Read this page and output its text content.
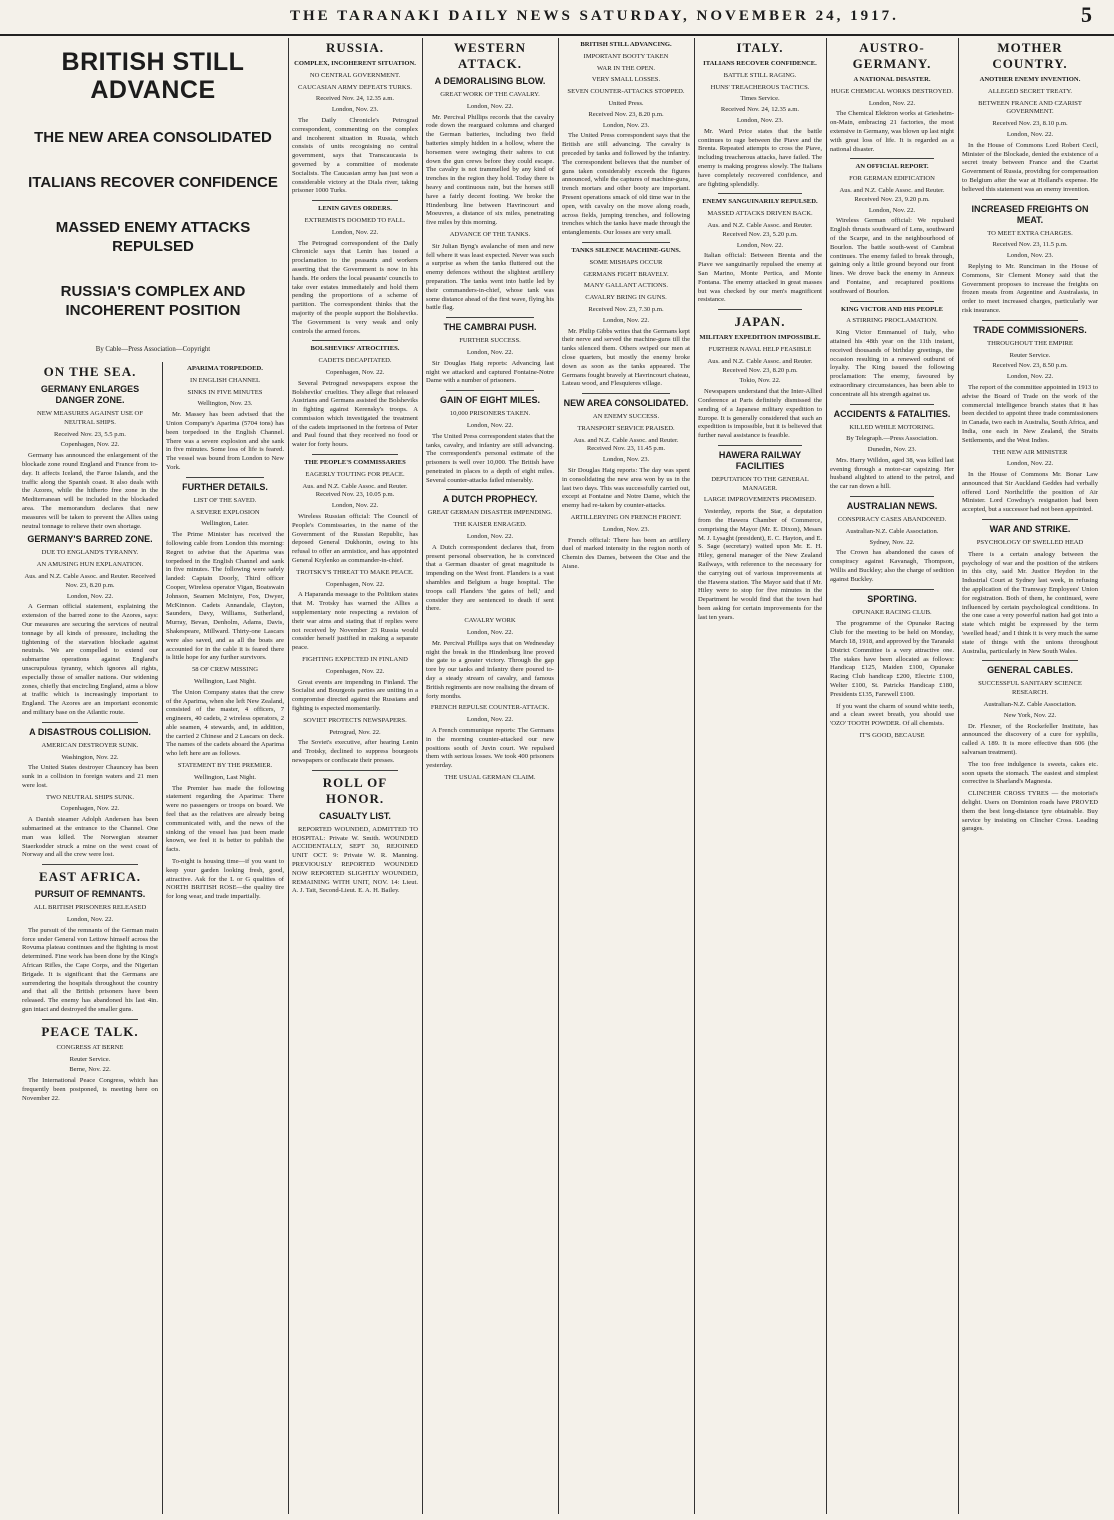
THE TARANAKI DAILY NEWS SATURDAY, NOVEMBER 24, 1917.	5
BRITISH STILL ADVANCE
THE NEW AREA CONSOLIDATED
ITALIANS RECOVER CONFIDENCE
MASSED ENEMY ATTACKS REPULSED
RUSSIA'S COMPLEX AND INCOHERENT POSITION
By Cable—Press Association—Copyright
ON THE SEA.
GERMANY ENLARGES DANGER ZONE.
NEW MEASURES AGAINST USE OF NEUTRAL SHIPS.
Received Nov. 23, 5.5 p.m.
Copenhagen, Nov. 22.
Germany has announced the enlargement of the blockade zone round England and France from to-day. It affects Iceland, the Faroe Islands, and the traffic along the Spanish coast. It also deals with the Azores, while the hitherto free zone in the Mediterranean will be included in the blockaded area. The memorandum declares that new measures will be taken to prevent the Allies using neutral tonnage to relieve their own shortage.
GERMANY'S BARRED ZONE.
DUE TO ENGLAND'S TYRANNY.
AN AMUSING HUN EXPLANATION.
Aus. and N.Z. Cable Assoc. and Reuter. Received Nov. 23, 8.20 p.m.
London, Nov. 22.
A German official statement, explaining the extension of the barred zone to the Azores, says: Our measures are securing the services of neutral tonnage by all kinds of pressure, including the tightening of the starvation blockade against neutrals. We are compelled to extend our submarine operations against England's unscrupulous tyranny, which ignores all rights, especially those of smaller nations. Our widening zones, chiefly that encircling England, aims a blow at traffic which is increasingly important to England. The Azores are an important economic and military base on the Atlantic route.
A DISASTROUS COLLISION.
AMERICAN DESTROYER SUNK.
Washington, Nov. 22.
The United States destroyer Chauncey has been sunk in a collision in foreign waters and 21 men were lost.
TWO NEUTRAL SHIPS SUNK.
Copenhagen, Nov. 22.
A Danish steamer Adolph Andersen has been submarined at the entrance to the Channel. One man was killed. The Norwegian steamer Staerkodder struck a mine on the west coast of Norway and all the crew were lost.
EAST AFRICA.
PURSUIT OF REMNANTS.
ALL BRITISH PRISONERS RELEASED
London, Nov. 22.
The pursuit of the remnants of the German main force under General von Lettow himself across the Rovuma plateau continues and the fighting is most determined. Fine work has been done by the King's African Rifles, the Cape Corps, and the Nigerian Brigade. It is significant that the Germans are surrendering the hospitals throughout the country and that all the British prisoners have been released. The enemy has abandoned his last 4in. gun intact and destroyed the smaller guns.
PEACE TALK.
CONGRESS AT BERNE
Reuter Service.
Berne, Nov. 22.
The International Peace Congress, which has frequently been postponed, is meeting here on November 22.
APARIMA TORPEDOED.
IN ENGLISH CHANNEL
SINKS IN FIVE MINUTES
Wellington, Nov. 23.
Mr. Massey has been advised that the Union Company's Aparima (5704 tons) has been torpedoed in the English Channel. There was a severe explosion and she sank in five minutes. Some loss of life is feared. The vessel was bound from London to New York.
FURTHER DETAILS.
LIST OF THE SAVED.
A SEVERE EXPLOSION
Wellington, Later.
The Prime Minister has received the following cable from London this morning: Regret to advise that the Aparima was torpedoed in the English Channel and sank in five minutes. The following were safely landed: Captain Doorly, Third officer Cooper, Wireless operator Vigan, Boatswain Johnson, Seamen McIntyre, Fox, Dwyer, McKinnon. Cadets Annandale, Clayton, Saunders, Davy, Williams, Sutherland, Murray, Bevan, Denholm, Adams, Davis, Shakespeare, Millward. Thirty-one Lascars were also saved, and as all the boats are accounted for in the cable it is feared there is little hope for any further survivors.
58 OF CREW MISSING
Wellington, Last Night.
The Union Company states that the crew of the Aparima, when she left New Zealand, consisted of the master, 4 officers, 7 engineers, 40 cadets, 2 wireless operators, 2 able seamen, 4 stewards, and, in addition, the carried 2 Chinese and 2 Lascars on deck. The names of the cadets aboard the Aparima who left here are as follows.
STATEMENT BY THE PREMIER.
Wellington, Last Night.
The Premier has made the following statement regarding the Aparima: There were no passengers or troops on board. We feel that as the relatives are already being communicated with, and the news of the sinking of the vessel has just been made known, we feel it is better to publish the facts.
To-night is housing time—if you want to keep your garden looking fresh, good, attractive. Ask for the L or G qualities of NORTH BRITISH ROSE—the quality tire for long wear, and trade impartially.
RUSSIA.
COMPLEX, INCOHERENT SITUATION.
NO CENTRAL GOVERNMENT.
CAUCASIAN ARMY DEFEATS TURKS.
Received Nov. 24, 12.35 a.m.
London, Nov. 23.
The Daily Chronicle's Petrograd correspondent, commenting on the complex and incoherent situation in Russia, which consists of units recognising no central government, says that Transcaucasia is governed by a committee of moderate Socialists. The Caucasian army has just won a considerable victory at the Diala river, taking prisoner 1000 Turks.
LENIN GIVES ORDERS.
EXTREMISTS DOOMED TO FALL.
London, Nov. 22.
The Petrograd correspondent of the Daily Chronicle says that Lenin has issued a proclamation to the peasants and workers asserting that the Government is now in his hands. He orders the local peasants' councils to take over estates immediately and hold them pending the proportions of a scheme of partition. The correspondent thinks that the majority of the people support the Bolsheviks. The Government is very weak and only controls the armed forces.
BOLSHEVIKS' ATROCITIES.
CADETS DECAPITATED.
Copenhagen, Nov. 22.
Several Petrograd newspapers expose the Bolsheviks' cruelties. They allege that released Austrians and Germans assisted the Bolsheviks in fighting against Kerensky's troops. A commission which investigated the treatment of the cadets imprisoned in the fortress of Peter and Paul found that they received no food or water for forty hours.
THE PEOPLE'S COMMISSARIES
EAGERLY TOUTING FOR PEACE.
Aus. and N.Z. Cable Assoc. and Reuter. Received Nov. 23, 10.05 p.m.
London, Nov. 22.
Wireless Russian official: The Council of People's Commissaries, in the name of the Government of the Russian Republic, has deposed General Dukhonin, owing to his refusal to offer an armistice, and has appointed General Krylenko as commander-in-chief.
TROTSKY'S THREAT TO MAKE PEACE.
Copenhagen, Nov. 22.
A Haparanda message to the Politiken states that M. Trotsky has warned the Allies a supplementary note respecting a revision of their war aims and stating that if replies were not received by November 23 Russia would consider herself justified in making a separate peace.
FIGHTING EXPECTED IN FINLAND
Copenhagen, Nov. 22.
Great events are impending in Finland. The Socialist and Bourgeois parties are uniting in a compromise directed against the Russians and fighting is expected momentarily.
SOVIET PROTECTS NEWSPAPERS.
Petrograd, Nov. 22.
The Soviet's executive, after hearing Lenin and Trotsky, declined to suppress bourgeois newspapers or confiscate their presses.
ROLL OF HONOR.
CASUALTY LIST.
REPORTED WOUNDED, ADMITTED TO HOSPITAL: Private W. Smith. WOUNDED ACCIDENTALLY, SEPT 30, REJOINED UNIT OCT. 9: Private W. R. Manning. PREVIOUSLY REPORTED WOUNDED NOW REPORTED SLIGHTLY WOUNDED, REMAINING WITH UNIT, NOV. 14: Lieut. A. J. Tait, Second-Lieut. E. A. H. Bailey.
WESTERN ATTACK.
A DEMORALISING BLOW.
GREAT WORK OF THE CAVALRY.
London, Nov. 22.
Mr. Percival Phillips records that the cavalry rode down the rearguard columns and charged the German batteries, including two field batteries simply hidden in a hollow, where the horsemen were swinging their sabres to cut down the gun crews before they could escape. The cavalry is not trammelled by any kind of trenches in the region they hold. Today there is heavy and continuous rain, but the horses still have a fairly decent footing. We broke the Hindenburg line between Havrincourt and Moeuvres, a distance of six miles, penetrating five miles by this morning.
ADVANCE OF THE TANKS.
Sir Julian Byng's avalanche of men and new fell where it was least expected. Never was such a surprise as when the tanks fluttered out the enemy defences without the slightest artillery preparation. The tanks went into battle led by their commanders-in-chief, whose tank was some distance ahead of the first wave, flying his battle flag.
THE CAMBRAI PUSH.
FURTHER SUCCESS.
London, Nov. 22.
Sir Douglas Haig reports: Advancing last night we attacked and captured Fontaine-Notre Dame with a number of prisoners.
GAIN OF EIGHT MILES.
10,000 PRISONERS TAKEN.
London, Nov. 22.
The United Press correspondent states that the tanks, cavalry, and infantry are still advancing. The correspondent's personal estimate of the prisoners is well over 10,000. The British have penetrated in places to a depth of eight miles. Several counter-attacks failed miserably.
A DUTCH PROPHECY.
GREAT GERMAN DISASTER IMPENDING.
THE KAISER ENRAGED.
London, Nov. 22.
A Dutch correspondent declares that, from present personal observation, he is convinced that a German disaster of great magnitude is impending on the West front. Flanders is a vast shambles and Belgium a huge hospital. The troops call Flanders 'the gates of hell,' and consider they are sentenced to death if sent there.
CAVALRY WORK
London, Nov. 22.
Mr. Percival Phillips says that on Wednesday night the break in the Hindenburg line proved the gate to a greater victory. Through the gap tore by our tanks and infantry there poured to-day a steady stream of cavalry, and famous British regiments are now realising the dream of forty months.
FRENCH REPULSE COUNTER-ATTACK.
London, Nov. 22.
A French communique reports: The Germans in the morning counter-attacked our new positions south of Juvin court. We repulsed them with serious losses. We took 400 prisoners yesterday.
THE USUAL GERMAN CLAIM.
BRITISH STILL ADVANCING.
IMPORTANT BOOTY TAKEN
WAR IN THE OPEN.
VERY SMALL LOSSES.
SEVEN COUNTER-ATTACKS STOPPED.
United Press.
Received Nov. 23, 8.20 p.m.
London, Nov. 23.
The United Press correspondent says that the British are still advancing. The cavalry is preceded by tanks and followed by the infantry. The correspondent believes that the number of guns taken considerably exceeds the figures announced, while the captures of machine-guns, trench mortars and other booty are important. Present operations smack of old time war in the open, with cavalry on the move along roads, across fields, jumping trenches, and following trenches which the tanks have made through the entanglements. Our losses are very small.
TANKS SILENCE MACHINE-GUNS.
SOME MISHAPS OCCUR
GERMANS FIGHT BRAVELY.
MANY GALLANT ACTIONS.
CAVALRY BRING IN GUNS.
Received Nov. 23, 7.30 p.m.
London, Nov. 22.
Mr. Philip Gibbs writes that the Germans kept their nerve and served the machine-guns till the tanks silenced them. Others swiped our men at close quarters, but mostly the enemy broke down as soon as the tanks appeared. The Germans fought bravely at Havrincourt chateau, Lateau wood, and Flesquieres village.
NEW AREA CONSOLIDATED.
AN ENEMY SUCCESS.
TRANSPORT SERVICE PRAISED.
Aus. and N.Z. Cable Assoc. and Reuter. Received Nov. 23, 11.45 p.m.
London, Nov. 23.
Sir Douglas Haig reports: The day was spent in consolidating the new area won by us in the last two days. This was successfully carried out, except at Fontaine and Notre Dame, which the enemy had re-taken by counter-attacks.
ARTILLERYING ON FRENCH FRONT.
London, Nov. 23.
French official: There has been an artillery duel of marked intensity in the region north of Chemin des Dames, between the Oise and the Aisne.
ITALY.
ITALIANS RECOVER CONFIDENCE.
BATTLE STILL RAGING.
HUNS' TREACHEROUS TACTICS.
Times Service.
Received Nov. 24, 12.35 a.m.
London, Nov. 23.
Mr. Ward Price states that the battle continues to rage between the Piave and the Brenta. Repeated attempts to cross the Piave, including treacherous attacks, have failed. The enemy is making progress slowly. The Italians have completely recovered confidence, and are fighting splendidly.
ENEMY SANGUINARILY REPULSED.
MASSED ATTACKS DRIVEN BACK.
Aus. and N.Z. Cable Assoc. and Reuter. Received Nov. 23, 5.20 p.m.
London, Nov. 22.
Italian official: Between Brenta and the Piave we sanguinarily repulsed the enemy at San Marino, Monte Pertica, and Monte Fontana. The enemy attacked in great masses but was checked by our men's magnificent resistance.
JAPAN.
MILITARY EXPEDITION IMPOSSIBLE.
FURTHER NAVAL HELP FEASIBLE
Aus. and N.Z. Cable Assoc. and Reuter. Received Nov. 23, 8.20 p.m.
Tokio, Nov. 22.
Newspapers understand that the Inter-Allied Conference at Paris definitely dismissed the sending of a Japanese military expedition to Europe. It is generally considered that such an expedition is impossible, but it is believed that further naval assistance is feasible.
HAWERA RAILWAY FACILITIES
DEPUTATION TO THE GENERAL MANAGER.
LARGE IMPROVEMENTS PROMISED.
Yesterday, reports the Star, a deputation from the Hawera Chamber of Commerce, comprising the Mayor (Mr. E. Dixon), Messrs M. J. Lysaght (president), E. C. Hayton, and E. S. Sage (secretary) waited upon Mr. E. H. Hiley, general manager of the New Zealand Railways, with reference to the necessary for the carrying out of various improvements at the Hawera station. The Mayor said that if Mr. Hiley were to stop for five minutes in the Department he would find that the town had been asking for certain improvements for the last ten years.
AUSTRO-GERMANY.
A NATIONAL DISASTER.
HUGE CHEMICAL WORKS DESTROYED.
London, Nov. 22.
The Chemical Elektron works at Griesheim-on-Main, embracing 21 factories, the most extensive in Germany, was blown up last night with great loss of life. It is regarded as a national disaster.
AN OFFICIAL REPORT.
FOR GERMAN EDIFICATION
Aus. and N.Z. Cable Assoc. and Reuter. Received Nov. 23, 9.20 p.m.
London, Nov. 22.
Wireless German official: We repulsed English thrusts southward of Lens, southward of the Scarpe, and in the neighbourhood of Bourlon. The battle south-west of Cambrai continues. The enemy failed to break through, gaining only a little ground beyond our front lines. We drove back the enemy in Anneux and Fontaine, and recaptured positions southward of Bourlon.
KING VICTOR AND HIS PEOPLE
A STIRRING PROCLAMATION.
King Victor Emmanuel of Italy, who attained his 48th year on the 11th instant, received thousands of birthday greetings, the occasion resulting in a renewed outburst of loyalty. The King issued the following proclamation: The enemy, favoured by extraordinary circumstances, has been able to concentrate all his strength against us.
ACCIDENTS & FATALITIES.
KILLED WHILE MOTORING.
By Telegraph.—Press Association.
Dunedin, Nov. 23.
Mrs. Harry Willdon, aged 38, was killed last evening through a motor-car capsizing. Her husband alighted to attend to the petrol, and the car ran down a hill.
AUSTRALIAN NEWS.
CONSPIRACY CASES ABANDONED.
Australian-N.Z. Cable Association.
Sydney, Nov. 22.
The Crown has abandoned the cases of conspiracy against Kavanagh, Thompson, Willis and Buckley; also the charge of sedition against Buckley.
SPORTING.
OPUNAKE RACING CLUB.
The programme of the Opunake Racing Club for the meeting to be held on Monday, March 18, 1918, and approved by the Taranaki District Committee is a very attractive one. The stakes have been allocated as follows: Handicap £125, Maiden £100, Opunake Racing Club handicap £200, Electric £100, Welter £100, St. Patricks Handicap £180, Presidents £135, Farewell £100.
If you want the charm of sound white teeth, and a clean sweet breath, you should use 'OZO' TOOTH POWDER. Of all chemists.
IT'S GOOD, BECAUSE
MOTHER COUNTRY.
ANOTHER ENEMY INVENTION.
ALLEGED SECRET TREATY.
BETWEEN FRANCE AND CZARIST GOVERNMENT.
Received Nov. 23, 8.10 p.m.
London, Nov. 22.
In the House of Commons Lord Robert Cecil, Minister of the Blockade, denied the existence of a secret treaty between France and the Czarist Government of Russia, providing for compensation to Belgium after the war at Holland's expense. He believed this statement was an enemy invention.
INCREASED FREIGHTS ON MEAT.
TO MEET EXTRA CHARGES.
Received Nov. 23, 11.5 p.m.
London, Nov. 23.
Replying to Mr. Runciman in the House of Commons, Sir Clement Money said that the Government proposes to increase the freights on frozen meats from Argentine and Australasia, in order to meet increased charges, particularly war risk insurance.
TRADE COMMISSIONERS.
THROUGHOUT THE EMPIRE
Reuter Service.
Received Nov. 23, 8.50 p.m.
London, Nov. 22.
The report of the committee appointed in 1913 to advise the Board of Trade on the work of the commercial intelligence branch states that it has been decided to appoint three trade commissioners in Canada, two each in Australia, South Africa, and India, one each in New Zealand, the Straits Settlements, and the West Indies.
THE NEW AIR MINISTER
London, Nov. 22.
In the House of Commons Mr. Bonar Law announced that Sir Auckland Geddes had verbally offered Lord Northcliffe the position of Air Minister. Lord Cowdray's resignation had been accepted, but a successor had not been appointed.
WAR AND STRIKE.
PSYCHOLOGY OF SWELLED HEAD
There is a certain analogy between the psychology of war and the position of the strikers in this city, said Mr. Justice Heydon in the Industrial Court at Sydney last week, in refusing the application of the Tramway Employees' Union for registration. Both of them, he continued, were influenced by certain psychological conditions. In the one case a very powerful nation had got into a state which might be expressed by the term 'swelled head,' and I think it is very much the same state of things with the unions throughout Australia, particularly in New South Wales.
GENERAL CABLES.
SUCCESSFUL SANITARY SCIENCE RESEARCH.
Australian-N.Z. Cable Association.
New York, Nov. 22.
Dr. Flexner, of the Rockefeller Institute, has announced the discovery of a cure for syphilis, called A 189. It is more effective than 606 (the salvarsan treatment).
The too free indulgence is sweets, cakes etc. soon upsets the stomach. The easiest and simplest corrective is Sharland's Magnesia.
CLINCHER CROSS TYRES — the motorist's delight. Users on Dominion roads have PROVED them the best long-distance tyre obtainable. Buy service by insisting on Clincher Cross. Leading garages.
